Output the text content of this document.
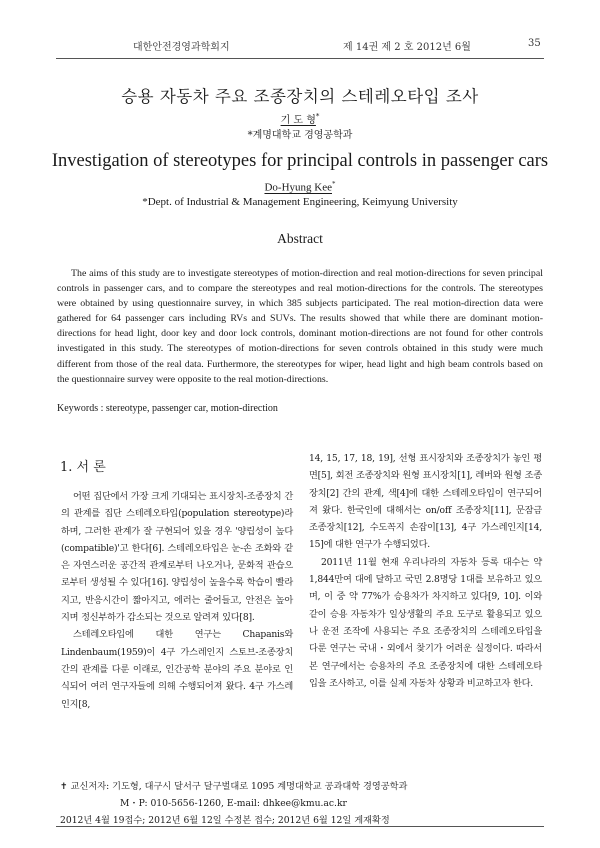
대한안전경영과학회지	제 14권 제 2 호 2012년 6월	35
승용 자동차 주요 조종장치의 스테레오타입 조사
기 도 형*
*계명대학교 경영공학과
Investigation of stereotypes for principal controls in passenger cars
Do-Hyung Kee*
*Dept. of Industrial & Management Engineering, Keimyung University
Abstract

The aims of this study are to investigate stereotypes of motion-direction and real motion-directions for seven principal controls in passenger cars, and to compare the stereotypes and real motion-directions for the controls. The stereotypes were obtained by using questionnaire survey, in which 385 subjects participated. The real motion-direction data were gathered for 64 passenger cars including RVs and SUVs. The results showed that while there are dominant motion-directions for head light, door key and door lock controls, dominant motion-directions are not found for other controls investigated in this study. The stereotypes of motion-directions for seven controls obtained in this study were much different from those of the real data. Furthermore, the stereotypes for wiper, head light and high beam controls based on the questionnaire survey were opposite to the real motion-directions.

Keywords : stereotype, passenger car, motion-direction
1. 서 론

어떤 집단에서 가장 크게 기대되는 표시장치-조종장치 간의 관계를 집단 스테레오타입(population stereotype)라 하며, 그러한 관계가 잘 구현되어 있을 경우 '양립성이 높다(compatible)'고 한다[6]. 스테레오타입은 눈-손 조화와 같은 자연스러운 공간적 관계로부터 나오거나, 문화적 관습으로부터 생성될 수 있다[16]. 양립성이 높을수록 학습이 빨라지고, 반응시간이 짧아지고, 에러는 줄어들고, 안전은 높아지며 정신부하가 감소되는 것으로 알려져 있다[8].

스테레오타입에 대한 연구는 Chapanis와 Lindenbaum(1959)이 4구 가스레인지 스토브-조종장치 간의 관계를 다룬 이래로, 인간공학 분야의 주요 분야로 인식되어 여러 연구자들에 의해 수행되어져 왔다. 4구 가스레인지[8,

14, 15, 17, 18, 19], 선형 표시장치와 조종장치가 놓인 평면[5], 회전 조종장치와 원형 표시장치[1], 레버와 원형 조종장치[2] 간의 관계, 색[4]에 대한 스테레오타입이 연구되어져 왔다. 한국인에 대해서는 on/off 조종장치[11], 문잠금 조종장치[12], 수도꼭지 손잡이[13], 4구 가스레인지[14, 15]에 대한 연구가 수행되었다.

2011년 11월 현재 우리나라의 자동차 등록 대수는 약 1,844만여 대에 달하고 국민 2.8명당 1대를 보유하고 있으며, 이 중 약 77%가 승용차가 차지하고 있다[9, 10]. 이와 같이 승용 자동차가 일상생활의 주요 도구로 활용되고 있으나 운전 조작에 사용되는 주요 조종장치의 스테레오타입을 다룬 연구는 국내・외에서 찾기가 어려운 실정이다. 따라서 본 연구에서는 승용차의 주요 조종장치에 대한 스테레오타입을 조사하고, 이를 실제 자동차 상황과 비교하고자 한다.

✝ 교신저자: 기도형, 대구시 달서구 달구벌대로 1095 계명대학교 공과대학 경영공학과
M・P: 010-5656-1260, E-mail: dhkee@kmu.ac.kr
2012년 4월 19접수; 2012년 6월 12일 수정본 접수; 2012년 6월 12일 게재확정
